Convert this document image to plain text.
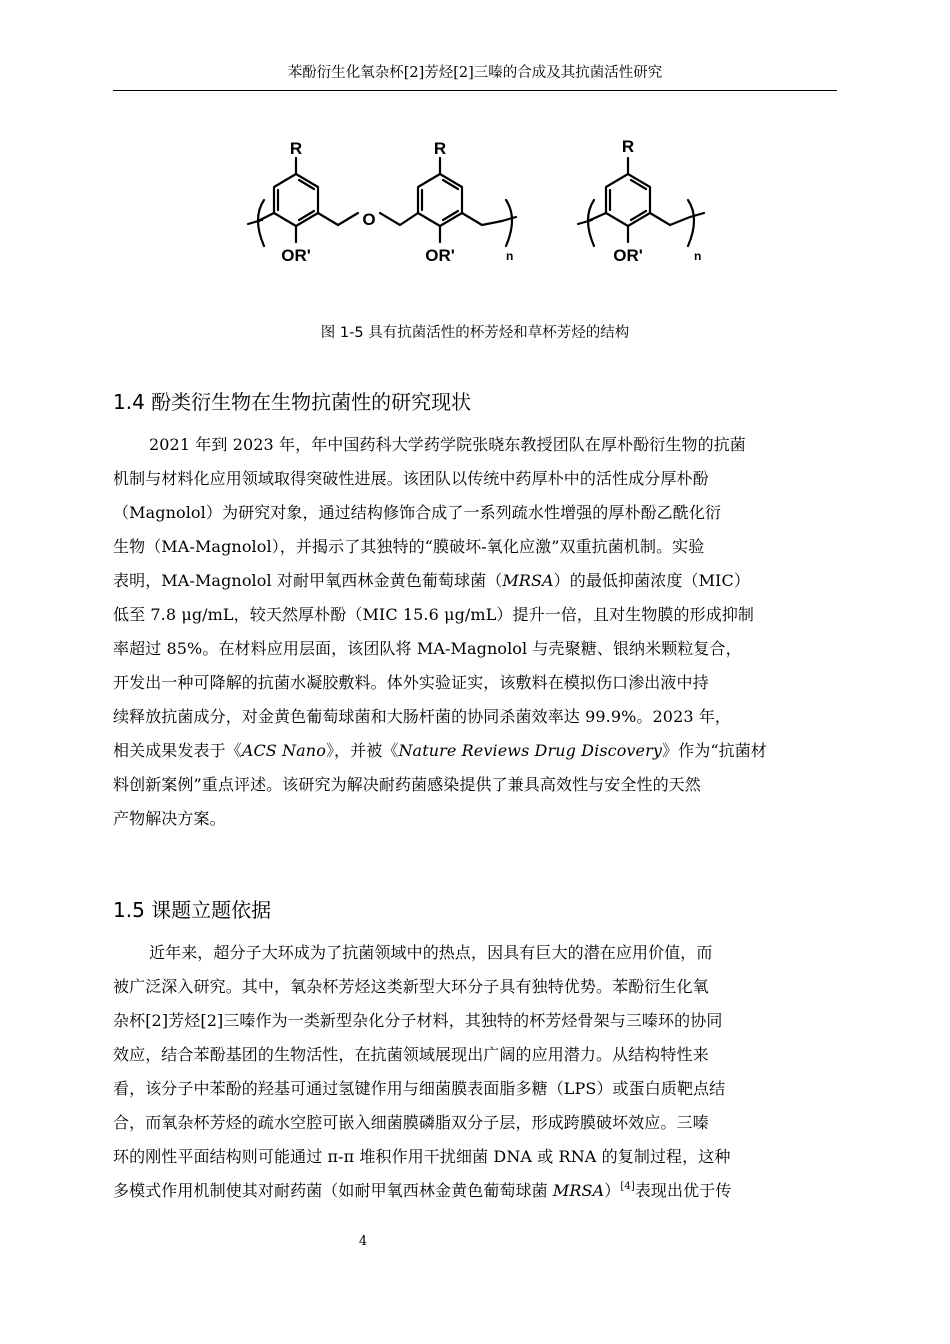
苯酚衍生化氧杂杯[2]芳烃[2]三嗪的合成及其抗菌活性研究
R	R	R
O
OR'	OR'	OR'
n	n
图 1-5 具有抗菌活性的杯芳烃和草杯芳烃的结构
1.4 酚类衍生物在生物抗菌性的研究现状

2021 年到 2023 年，年中国药科大学药学院张晓东教授团队在厚朴酚衍生物的抗菌

机制与材料化应用领域取得突破性进展。该团队以传统中药厚朴中的活性成分厚朴酚

（Magnolol）为研究对象，通过结构修饰合成了一系列疏水性增强的厚朴酚乙酰化衍

生物（MA-Magnolol），并揭示了其独特的“膜破坏-氧化应激”双重抗菌机制。实验

表明，MA-Magnolol 对耐甲氧西林金黄色葡萄球菌（MRSA）的最低抑菌浓度（MIC）

低至 7.8 μg/mL，较天然厚朴酚（MIC 15.6 μg/mL）提升一倍，且对生物膜的形成抑制

率超过 85%。在材料应用层面，该团队将 MA-Magnolol 与壳聚糖、银纳米颗粒复合，

开发出一种可降解的抗菌水凝胶敷料。体外实验证实，该敷料在模拟伤口渗出液中持

续释放抗菌成分，对金黄色葡萄球菌和大肠杆菌的协同杀菌效率达 99.9%。2023 年，

相关成果发表于《ACS Nano》，并被《Nature Reviews Drug Discovery》作为“抗菌材

料创新案例”重点评述。该研究为解决耐药菌感染提供了兼具高效性与安全性的天然

产物解决方案。

1.5 课题立题依据

近年来，超分子大环成为了抗菌领域中的热点，因具有巨大的潜在应用价值，而

被广泛深入研究。其中，氧杂杯芳烃这类新型大环分子具有独特优势。苯酚衍生化氧

杂杯[2]芳烃[2]三嗪作为一类新型杂化分子材料，其独特的杯芳烃骨架与三嗪环的协同

效应，结合苯酚基团的生物活性，在抗菌领域展现出广阔的应用潜力。从结构特性来

看，该分子中苯酚的羟基可通过氢键作用与细菌膜表面脂多糖（LPS）或蛋白质靶点结

合，而氧杂杯芳烃的疏水空腔可嵌入细菌膜磷脂双分子层，形成跨膜破坏效应。三嗪

环的刚性平面结构则可能通过 π-π 堆积作用干扰细菌 DNA 或 RNA 的复制过程，这种

多模式作用机制使其对耐药菌（如耐甲氧西林金黄色葡萄球菌 MRSA）[4]表现出优于传

4
